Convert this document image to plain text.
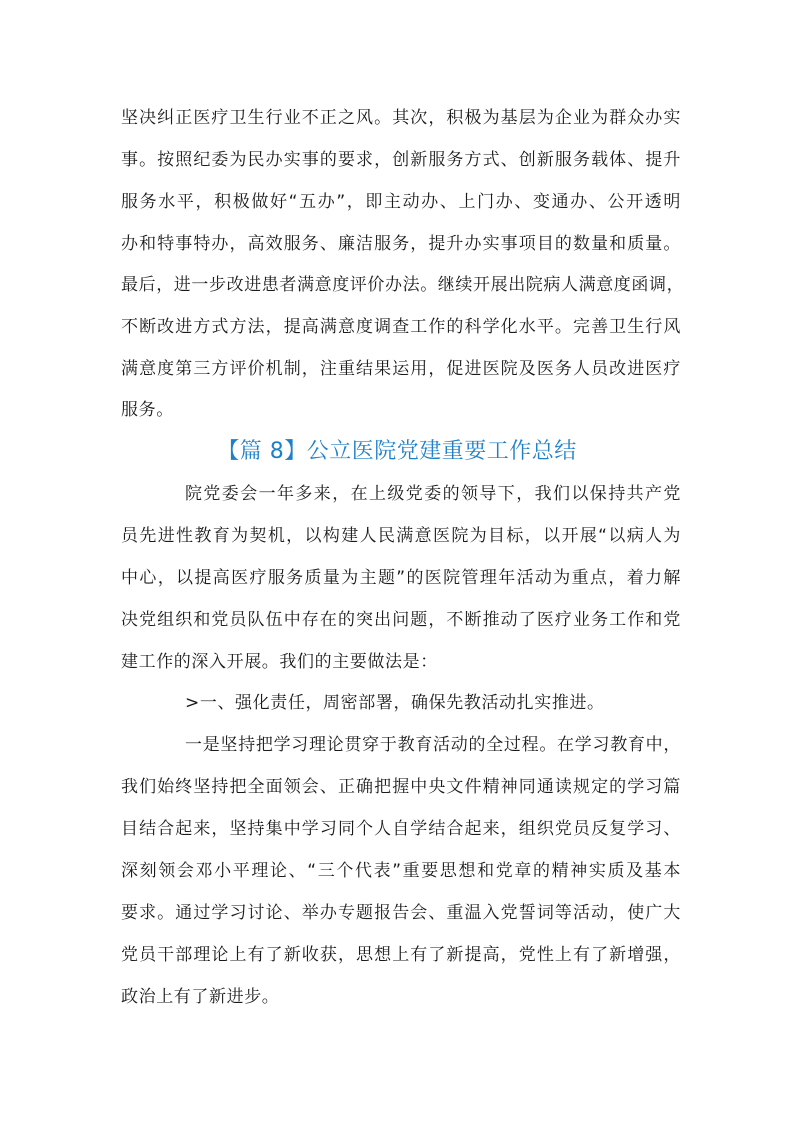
坚决纠正医疗卫生行业不正之风。其次，积极为基层为企业为群众办实
事。按照纪委为民办实事的要求，创新服务方式、创新服务载体、提升
服务水平，积极做好“五办”，即主动办、上门办、变通办、公开透明
办和特事特办，高效服务、廉洁服务，提升办实事项目的数量和质量。
最后，进一步改进患者满意度评价办法。继续开展出院病人满意度函调，
不断改进方式方法，提高满意度调查工作的科学化水平。完善卫生行风
满意度第三方评价机制，注重结果运用，促进医院及医务人员改进医疗
服务。
【篇 8】公立医院党建重要工作总结
院党委会一年多来，在上级党委的领导下，我们以保持共产党
员先进性教育为契机，以构建人民满意医院为目标，以开展“以病人为
中心，以提高医疗服务质量为主题”的医院管理年活动为重点，着力解
决党组织和党员队伍中存在的突出问题，不断推动了医疗业务工作和党
建工作的深入开展。我们的主要做法是：
>一、强化责任，周密部署，确保先教活动扎实推进。
一是坚持把学习理论贯穿于教育活动的全过程。在学习教育中，
我们始终坚持把全面领会、正确把握中央文件精神同通读规定的学习篇
目结合起来，坚持集中学习同个人自学结合起来，组织党员反复学习、
深刻领会邓小平理论、“三个代表”重要思想和党章的精神实质及基本
要求。通过学习讨论、举办专题报告会、重温入党誓词等活动，使广大
党员干部理论上有了新收获，思想上有了新提高，党性上有了新增强，
政治上有了新进步。
